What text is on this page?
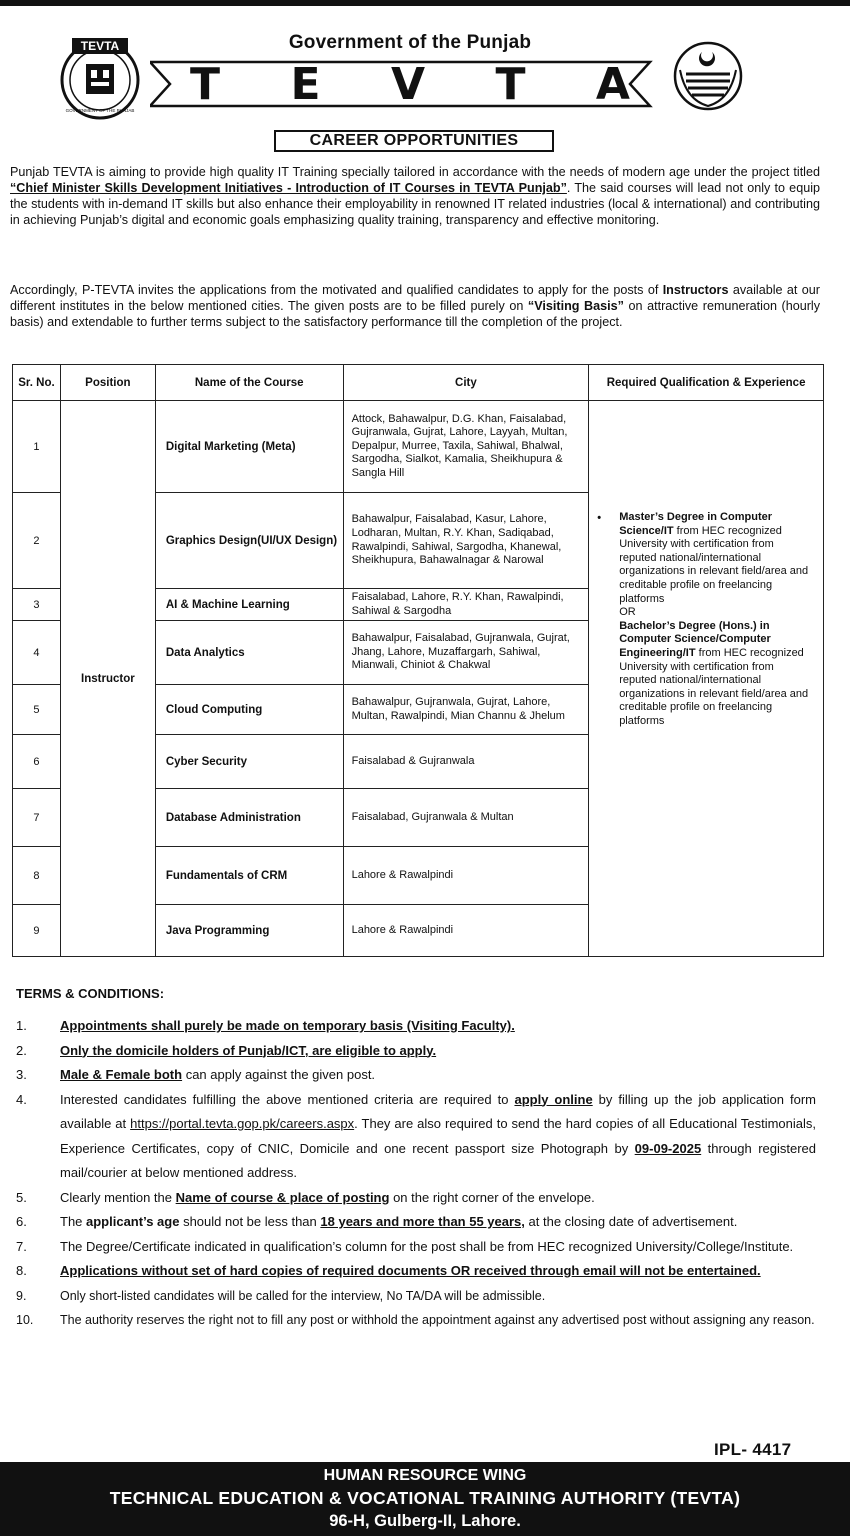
TEVTA
GOVERNMENT OF THE PUNJAB
Government of the Punjab
T E V T A
CAREER OPPORTUNITIES

Punjab TEVTA is aiming to provide high quality IT Training specially tailored in accordance with the needs of modern age under the project titled “Chief Minister Skills Development Initiatives - Introduction of IT Courses in TEVTA Punjab”. The said courses will lead not only to equip the students with in-demand IT skills but also enhance their employability in renowned IT related industries (local & international) and contributing in achieving Punjab’s digital and economic goals emphasizing quality training, transparency and effective monitoring.

Accordingly, P-TEVTA invites the applications from the motivated and qualified candidates to apply for the posts of Instructors available at our different institutes in the below mentioned cities. The given posts are to be filled purely on “Visiting Basis” on attractive remuneration (hourly basis) and extendable to further terms subject to the satisfactory performance till the completion of the project.

Sr. No.	Position	Name of the Course	City	Required Qualification & Experience
1	Instructor	Digital Marketing (Meta)	Attock, Bahawalpur, D.G. Khan, Faisalabad, Gujranwala, Gujrat, Lahore, Layyah, Multan, Depalpur, Murree, Taxila, Sahiwal, Bhalwal, Sargodha, Sialkot, Kamalia, Sheikhupura & Sangla Hill	• Master’s Degree in Computer Science/IT from HEC recognized University with certification from reputed national/international organizations in relevant field/area and creditable profile on freelancing platforms
OR
Bachelor’s Degree (Hons.) in Computer Science/Computer Engineering/IT from HEC recognized University with certification from reputed national/international organizations in relevant field/area and creditable profile on freelancing platforms
2		Graphics Design(UI/UX Design)	Bahawalpur, Faisalabad, Kasur, Lahore, Lodharan, Multan, R.Y. Khan, Sadiqabad, Rawalpindi, Sahiwal, Sargodha, Khanewal, Sheikhupura, Bahawalnagar & Narowal	
3		AI & Machine Learning	Faisalabad, Lahore, R.Y. Khan, Rawalpindi, Sahiwal & Sargodha	
4		Data Analytics	Bahawalpur, Faisalabad, Gujranwala, Gujrat, Jhang, Lahore, Muzaffargarh, Sahiwal, Mianwali, Chiniot & Chakwal	
5		Cloud Computing	Bahawalpur, Gujranwala, Gujrat, Lahore, Multan, Rawalpindi, Mian Channu & Jhelum	
6		Cyber Security	Faisalabad & Gujranwala	
7		Database Administration	Faisalabad, Gujranwala & Multan	
8		Fundamentals of CRM	Lahore & Rawalpindi	
9		Java Programming	Lahore & Rawalpindi	
TERMS & CONDITIONS:
1.	Appointments shall purely be made on temporary basis (Visiting Faculty).
2.	Only the domicile holders of Punjab/ICT, are eligible to apply.
3.	Male & Female both can apply against the given post.
4.	Interested candidates fulfilling the above mentioned criteria are required to apply online by filling up the job application form available at https://portal.tevta.gop.pk/careers.aspx. They are also required to send the hard copies of all Educational Testimonials, Experience Certificates, copy of CNIC, Domicile and one recent passport size Photograph by 09-09-2025 through registered mail/courier at below mentioned address.
5.	Clearly mention the Name of course & place of posting on the right corner of the envelope.
6.	The applicant’s age should not be less than 18 years and more than 55 years, at the closing date of advertisement.
7.	The Degree/Certificate indicated in qualification’s column for the post shall be from HEC recognized University/College/Institute.
8.	Applications without set of hard copies of required documents OR received through email will not be entertained.
9.	Only short-listed candidates will be called for the interview, No TA/DA will be admissible.
10.	The authority reserves the right not to fill any post or withhold the appointment against any advertised post without assigning any reason.
IPL- 4417
HUMAN RESOURCE WING
TECHNICAL EDUCATION & VOCATIONAL TRAINING AUTHORITY (TEVTA)
96-H, Gulberg-II, Lahore.
